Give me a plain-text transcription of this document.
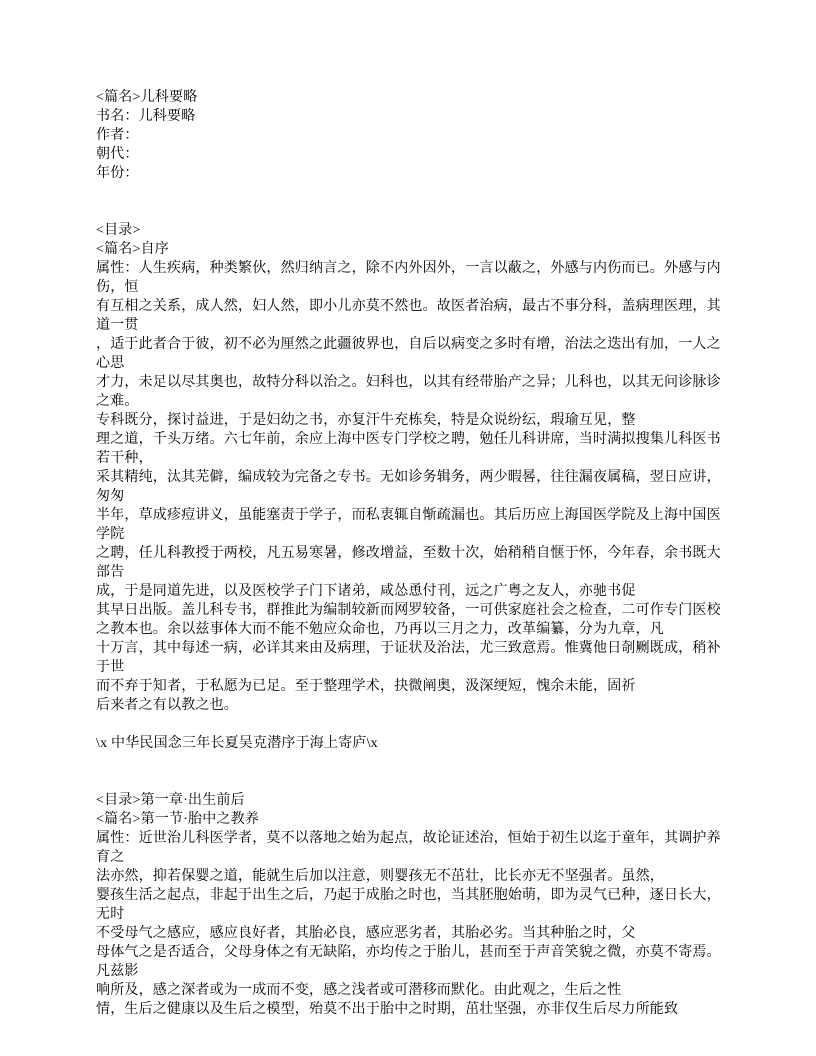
<篇名>儿科要略
书名：儿科要略
作者：
朝代：
年份：

<目录>
<篇名>自序
属性：人生疾病，种类繁伙，然归纳言之，除不内外因外，一言以蔽之，外感与内伤而已。外感与内伤，恒
有互相之关系，成人然，妇人然，即小儿亦莫不然也。故医者治病，最古不事分科，盖病理医理，其道一贯
，适于此者合于彼，初不必为厘然之此疆彼界也，自后以病变之多时有增，治法之迭出有加，一人之心思
才力，未足以尽其奥也，故特分科以治之。妇科也，以其有经带胎产之异；儿科也，以其无问诊脉诊之难。
专科既分，探讨益进，于是妇幼之书，亦复汗牛充栋矣，特是众说纷纭，瑕瑜互见，整
理之道，千头万绪。六七年前，余应上海中医专门学校之聘，勉任儿科讲席，当时满拟搜集儿科医书若干种，
采其精纯，汰其芜僻，编成较为完备之专书。无如诊务辑务，两少暇晷，往往漏夜属稿，翌日应讲，匆匆
半年，草成疹痘讲义，虽能塞责于学子，而私衷辄自惭疏漏也。其后历应上海国医学院及上海中国医学院
之聘，任儿科教授于两校，凡五易寒暑，修改增益，至数十次，始稍稍自惬于怀，今年春，余书既大部告
成，于是同道先进，以及医校学子门下诸弟，咸怂恿付刊，远之广粤之友人，亦驰书促
其早日出版。盖儿科专书，群推此为编制较新而网罗较备，一可供家庭社会之检查，二可作专门医校
之教本也。余以兹事体大而不能不勉应众命也，乃再以三月之力，改革编纂，分为九章，凡
十万言，其中每述一病，必详其来由及病理，于证状及治法，尤三致意焉。惟冀他日剞劂既成，稍补于世
而不弃于知者，于私愿为已足。至于整理学术，抉微阐奥，汲深绠短，愧余未能，固祈
后来者之有以教之也。

\x 中华民国念三年长夏吴克潜序于海上寄庐\x

<目录>第一章·出生前后
<篇名>第一节·胎中之教养
属性：近世治儿科医学者，莫不以落地之始为起点，故论证述治，恒始于初生以迄于童年，其调护养育之
法亦然，抑若保婴之道，能就生后加以注意，则婴孩无不茁壮，比长亦无不坚强者。虽然，
婴孩生活之起点，非起于出生之后，乃起于成胎之时也，当其胚胞始萌，即为灵气已种，逐日长大，无时
不受母气之感应，感应良好者，其胎必良，感应恶劣者，其胎必劣。当其种胎之时，父
母体气之是否适合，父母身体之有无缺陷，亦均传之于胎儿，甚而至于声音笑貌之微，亦莫不寄焉。凡兹影
响所及，感之深者或为一成而不变，感之浅者或可潜移而默化。由此观之，生后之性
情，生后之健康以及生后之模型，殆莫不出于胎中之时期，茁壮坚强，亦非仅生后尽力所能致
